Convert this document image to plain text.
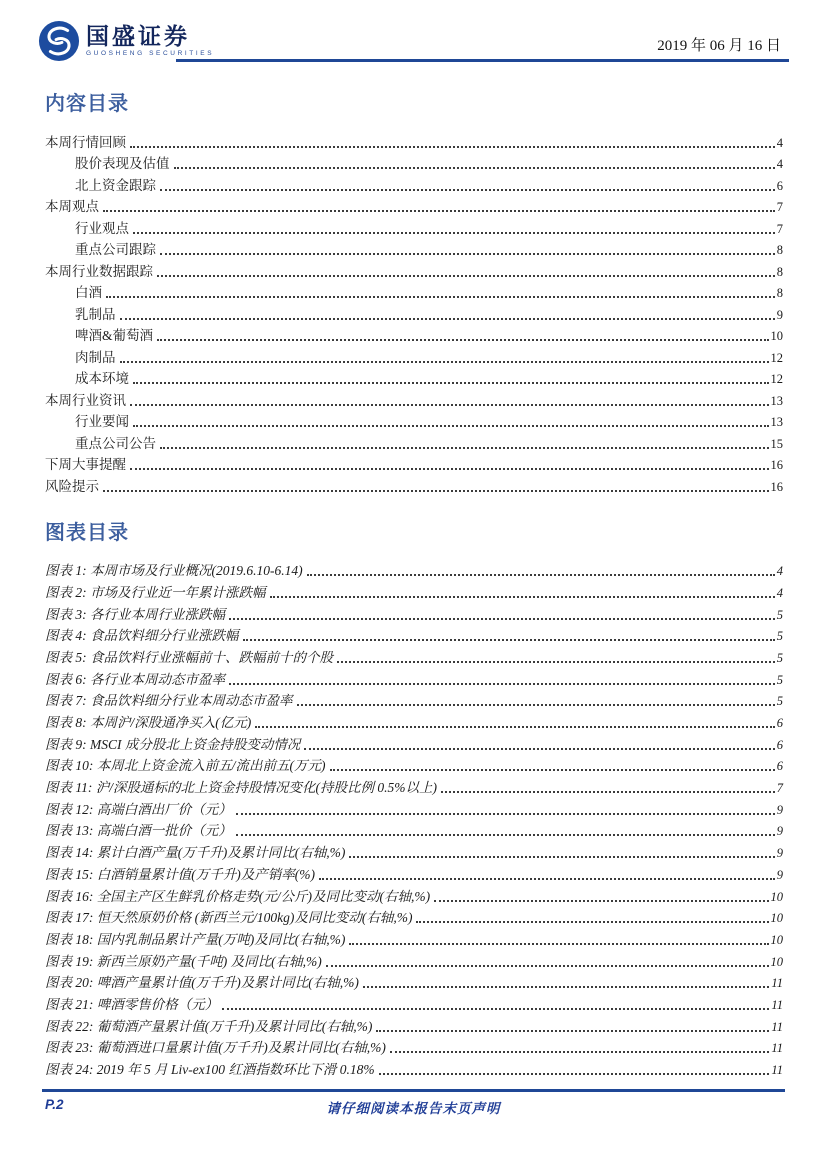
国盛证券
GUOSHENG SECURITIES	2019 年 06 月 16 日
内容目录
本周行情回顾	4
股价表现及估值	4
北上资金跟踪	6
本周观点	7
行业观点	7
重点公司跟踪	8
本周行业数据跟踪	8
白酒	8
乳制品	9
啤酒&葡萄酒	10
肉制品	12
成本环境	12
本周行业资讯	13
行业要闻	13
重点公司公告	15
下周大事提醒	16
风险提示	16
图表目录
图表 1: 本周市场及行业概况(2019.6.10-6.14)	4
图表 2: 市场及行业近一年累计涨跌幅	4
图表 3: 各行业本周行业涨跌幅	5
图表 4: 食品饮料细分行业涨跌幅	5
图表 5: 食品饮料行业涨幅前十、跌幅前十的个股	5
图表 6: 各行业本周动态市盈率	5
图表 7: 食品饮料细分行业本周动态市盈率	5
图表 8: 本周沪/深股通净买入(亿元)	6
图表 9: MSCI 成分股北上资金持股变动情况	6
图表 10: 本周北上资金流入前五/流出前五(万元)	6
图表 11: 沪/深股通标的北上资金持股情况变化(持股比例 0.5%以上)	7
图表 12: 高端白酒出厂价（元）	9
图表 13: 高端白酒一批价（元）	9
图表 14: 累计白酒产量(万千升)及累计同比(右轴,%)	9
图表 15: 白酒销量累计值(万千升)及产销率(%)	9
图表 16: 全国主产区生鲜乳价格走势(元/公斤)及同比变动(右轴,%)	10
图表 17: 恒天然原奶价格 (新西兰元/100kg)及同比变动(右轴,%)	10
图表 18: 国内乳制品累计产量(万吨)及同比(右轴,%)	10
图表 19: 新西兰原奶产量(千吨) 及同比(右轴,%)	10
图表 20: 啤酒产量累计值(万千升)及累计同比(右轴,%)	11
图表 21: 啤酒零售价格（元）	11
图表 22: 葡萄酒产量累计值(万千升)及累计同比(右轴,%)	11
图表 23: 葡萄酒进口量累计值(万千升)及累计同比(右轴,%)	11
图表 24: 2019 年 5 月 Liv-ex100 红酒指数环比下滑 0.18%	11
P.2	请仔细阅读本报告末页声明
